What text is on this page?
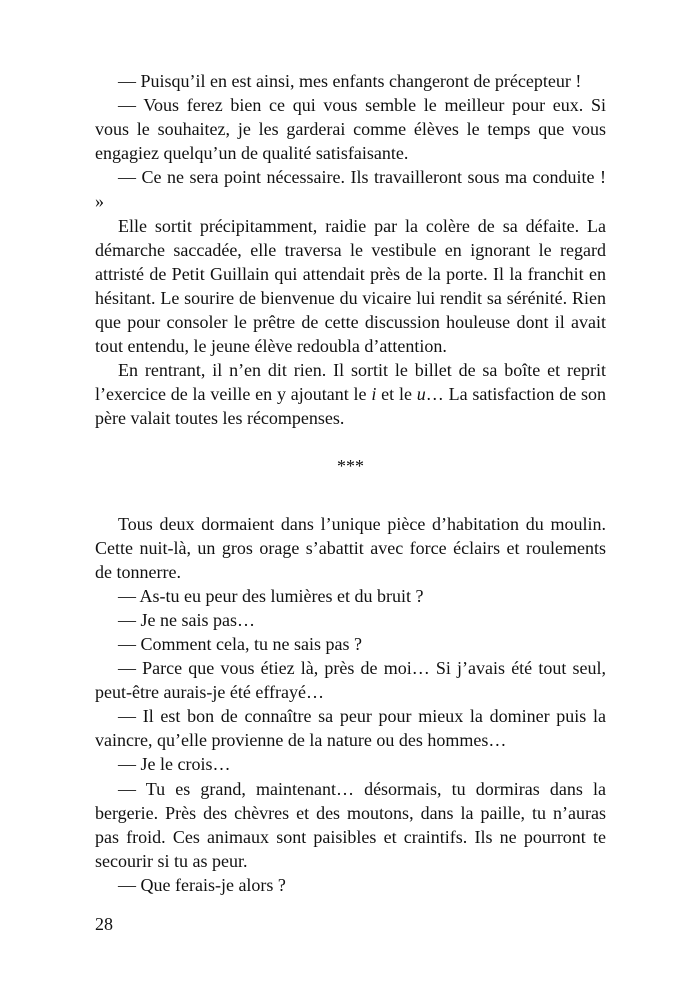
— Puisqu’il en est ainsi, mes enfants changeront de précepteur !

— Vous ferez bien ce qui vous semble le meilleur pour eux. Si vous le souhaitez, je les garderai comme élèves le temps que vous engagiez quelqu’un de qualité satisfaisante.

— Ce ne sera point nécessaire. Ils travailleront sous ma conduite ! »

Elle sortit précipitamment, raidie par la colère de sa défaite. La démarche saccadée, elle traversa le vestibule en ignorant le regard attristé de Petit Guillain qui attendait près de la porte. Il la franchit en hésitant. Le sourire de bienvenue du vicaire lui rendit sa sérénité. Rien que pour consoler le prêtre de cette discussion houleuse dont il avait tout entendu, le jeune élève redoubla d’attention.

En rentrant, il n’en dit rien. Il sortit le billet de sa boîte et reprit l’exercice de la veille en y ajoutant le i et le u… La satisfaction de son père valait toutes les récompenses.

***

Tous deux dormaient dans l’unique pièce d’habitation du moulin. Cette nuit-là, un gros orage s’abattit avec force éclairs et roulements de tonnerre.

— As-tu eu peur des lumières et du bruit ?

— Je ne sais pas…

— Comment cela, tu ne sais pas ?

— Parce que vous étiez là, près de moi… Si j’avais été tout seul, peut-être aurais-je été effrayé…

— Il est bon de connaître sa peur pour mieux la dominer puis la vaincre, qu’elle provienne de la nature ou des hommes…

— Je le crois…

— Tu es grand, maintenant… désormais, tu dormiras dans la bergerie. Près des chèvres et des moutons, dans la paille, tu n’auras pas froid. Ces animaux sont paisibles et craintifs. Ils ne pourront te secourir si tu as peur.

— Que ferais-je alors ?

28
